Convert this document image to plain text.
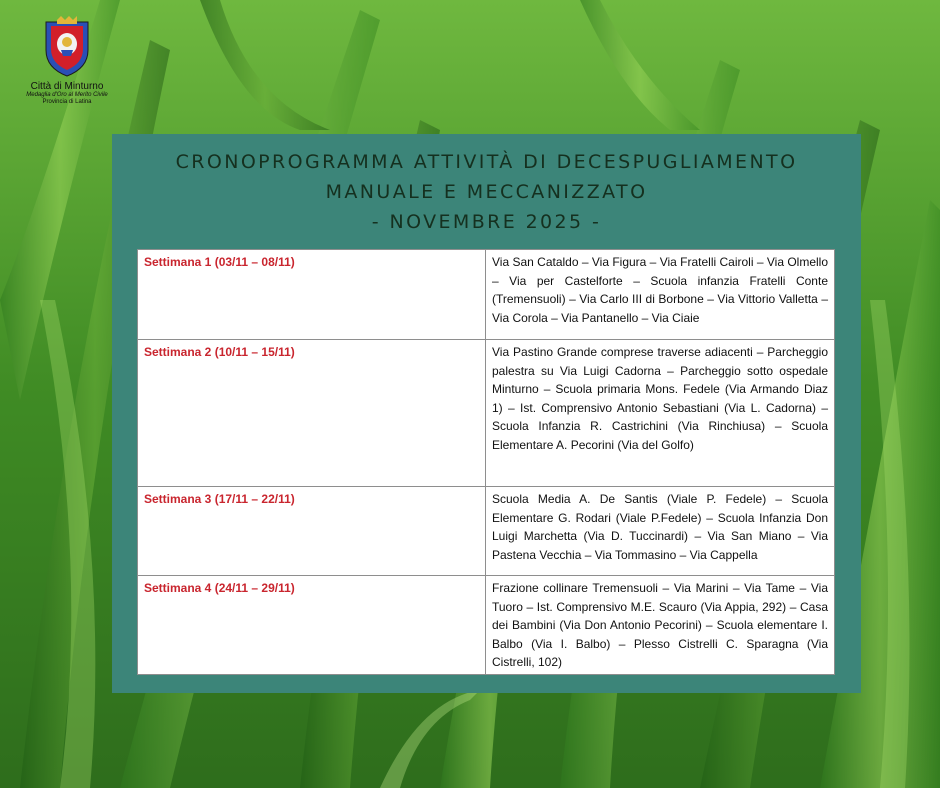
Città di Minturno
Medaglia d'Oro al Merito Civile
Provincia di Latina
CRONOPROGRAMMA ATTIVITÀ DI DECESPUGLIAMENTO
MANUALE E MECCANIZZATO
- NOVEMBRE 2025 -
Settimana 1 (03/11 – 08/11)	Via San Cataldo – Via Figura – Via Fratelli Cairoli – Via Olmello – Via per Castelforte – Scuola infanzia Fratelli Conte (Tremensuoli) – Via Carlo III di Borbone – Via Vittorio Valletta – Via Corola – Via Pantanello – Via Ciaie
Settimana 2 (10/11 – 15/11)	Via Pastino Grande comprese traverse adiacenti – Parcheggio palestra su Via Luigi Cadorna – Parcheggio sotto ospedale Minturno – Scuola primaria Mons. Fedele (Via Armando Diaz 1) – Ist. Comprensivo Antonio Sebastiani (Via L. Cadorna) – Scuola Infanzia R. Castrichini (Via Rinchiusa) – Scuola Elementare A. Pecorini (Via del Golfo)
Settimana 3 (17/11 – 22/11)	Scuola Media A. De Santis (Viale P. Fedele) – Scuola Elementare G. Rodari (Viale P.Fedele) – Scuola Infanzia Don Luigi Marchetta (Via D. Tuccinardi) – Via San Miano – Via Pastena Vecchia – Via Tommasino – Via Cappella
Settimana 4 (24/11 – 29/11)	Frazione collinare Tremensuoli – Via Marini – Via Tame – Via Tuoro – Ist. Comprensivo M.E. Scauro (Via Appia, 292) – Casa dei Bambini (Via Don Antonio Pecorini) – Scuola elementare I. Balbo (Via I. Balbo) – Plesso Cistrelli C. Sparagna (Via Cistrelli, 102)
